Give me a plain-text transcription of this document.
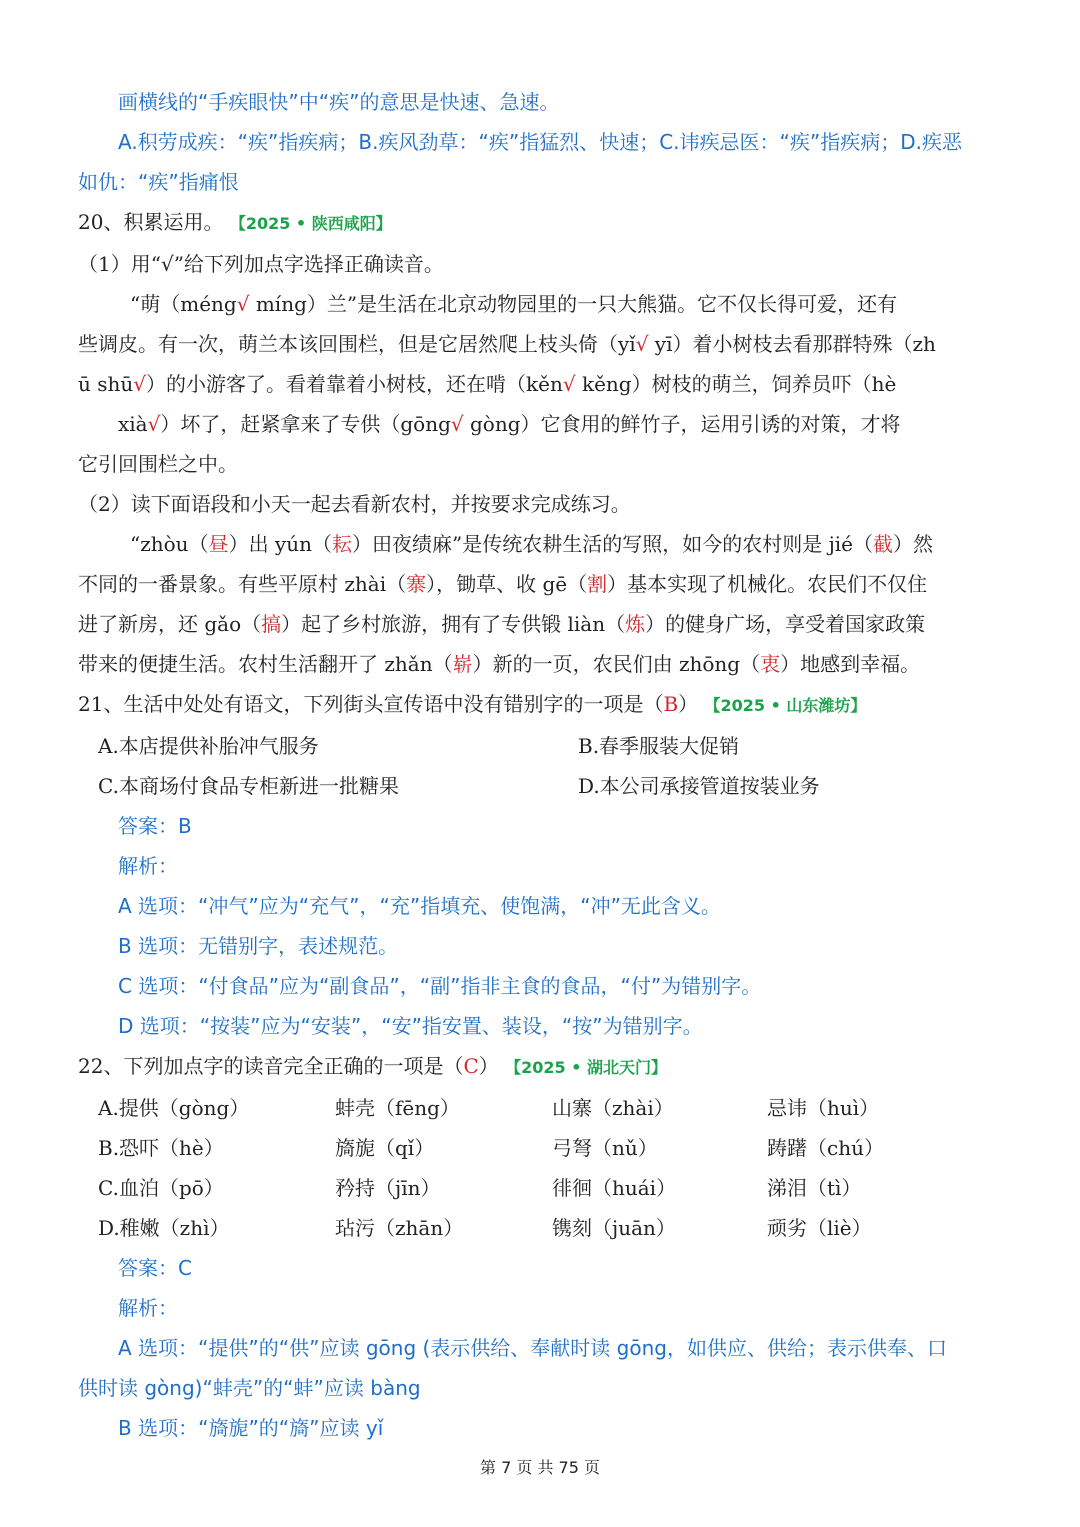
画横线的“手疾眼快”中“疾”的意思是快速、急速。
A.积劳成疾：“疾”指疾病；B.疾风劲草：“疾”指猛烈、快速；C.讳疾忌医：“疾”指疾病；D.疾恶
如仇：“疾”指痛恨
20、积累运用。 【2025 • 陕西咸阳】
（1）用“√”给下列加点字选择正确读音。
“萌（méng√ míng）兰”是生活在北京动物园里的一只大熊猫。它不仅长得可爱，还有
些调皮。有一次，萌兰本该回围栏，但是它居然爬上枝头倚（yǐ√ yī）着小树枝去看那群特殊（zh
ū shū√）的小游客了。看着靠着小树枝，还在啃（kěn√ kěng）树枝的萌兰，饲养员吓（hè
xià√）坏了，赶紧拿来了专供（gōng√ gòng）它食用的鲜竹子，运用引诱的对策，才将
它引回围栏之中。
（2）读下面语段和小天一起去看新农村，并按要求完成练习。
“zhòu（昼）出 yún（耘）田夜绩麻”是传统农耕生活的写照，如今的农村则是 jié（截）然
不同的一番景象。有些平原村 zhài（寨），锄草、收 gē（割）基本实现了机械化。农民们不仅住
进了新房，还 gǎo（搞）起了乡村旅游，拥有了专供锻 liàn（炼）的健身广场，享受着国家政策
带来的便捷生活。农村生活翻开了 zhǎn（崭）新的一页，农民们由 zhōng（衷）地感到幸福。
21、生活中处处有语文，下列街头宣传语中没有错别字的一项是（B） 【2025 • 山东潍坊】
A.本店提供补胎冲气服务	B.春季服装大促销
C.本商场付食品专柜新进一批糖果	D.本公司承接管道按装业务
答案：B
解析：
A 选项：“冲气”应为“充气”，“充”指填充、使饱满，“冲”无此含义。
B 选项：无错别字，表述规范。
C 选项：“付食品”应为“副食品”，“副”指非主食的食品，“付”为错别字。
D 选项：“按装”应为“安装”，“安”指安置、装设，“按”为错别字。
22、下列加点字的读音完全正确的一项是（C） 【2025 • 湖北天门】
A.提供（gòng）	蚌壳（fēng）	山寨（zhài）	忌讳（huì）
B.恐吓（hè）	旖旎（qǐ）	弓弩（nǔ）	踌躇（chú）
C.血泊（pō）	矜持（jīn）	徘徊（huái）	涕泪（tì）
D.稚嫩（zhì）	玷污（zhān）	镌刻（juān）	顽劣（liè）
答案：C
解析：
A 选项：“提供”的“供”应读 gōng (表示供给、奉献时读 gōng，如供应、供给；表示供奉、口
供时读 gòng)“蚌壳”的“蚌”应读 bàng
B 选项：“旖旎”的“旖”应读 yǐ
第 7 页 共 75 页
